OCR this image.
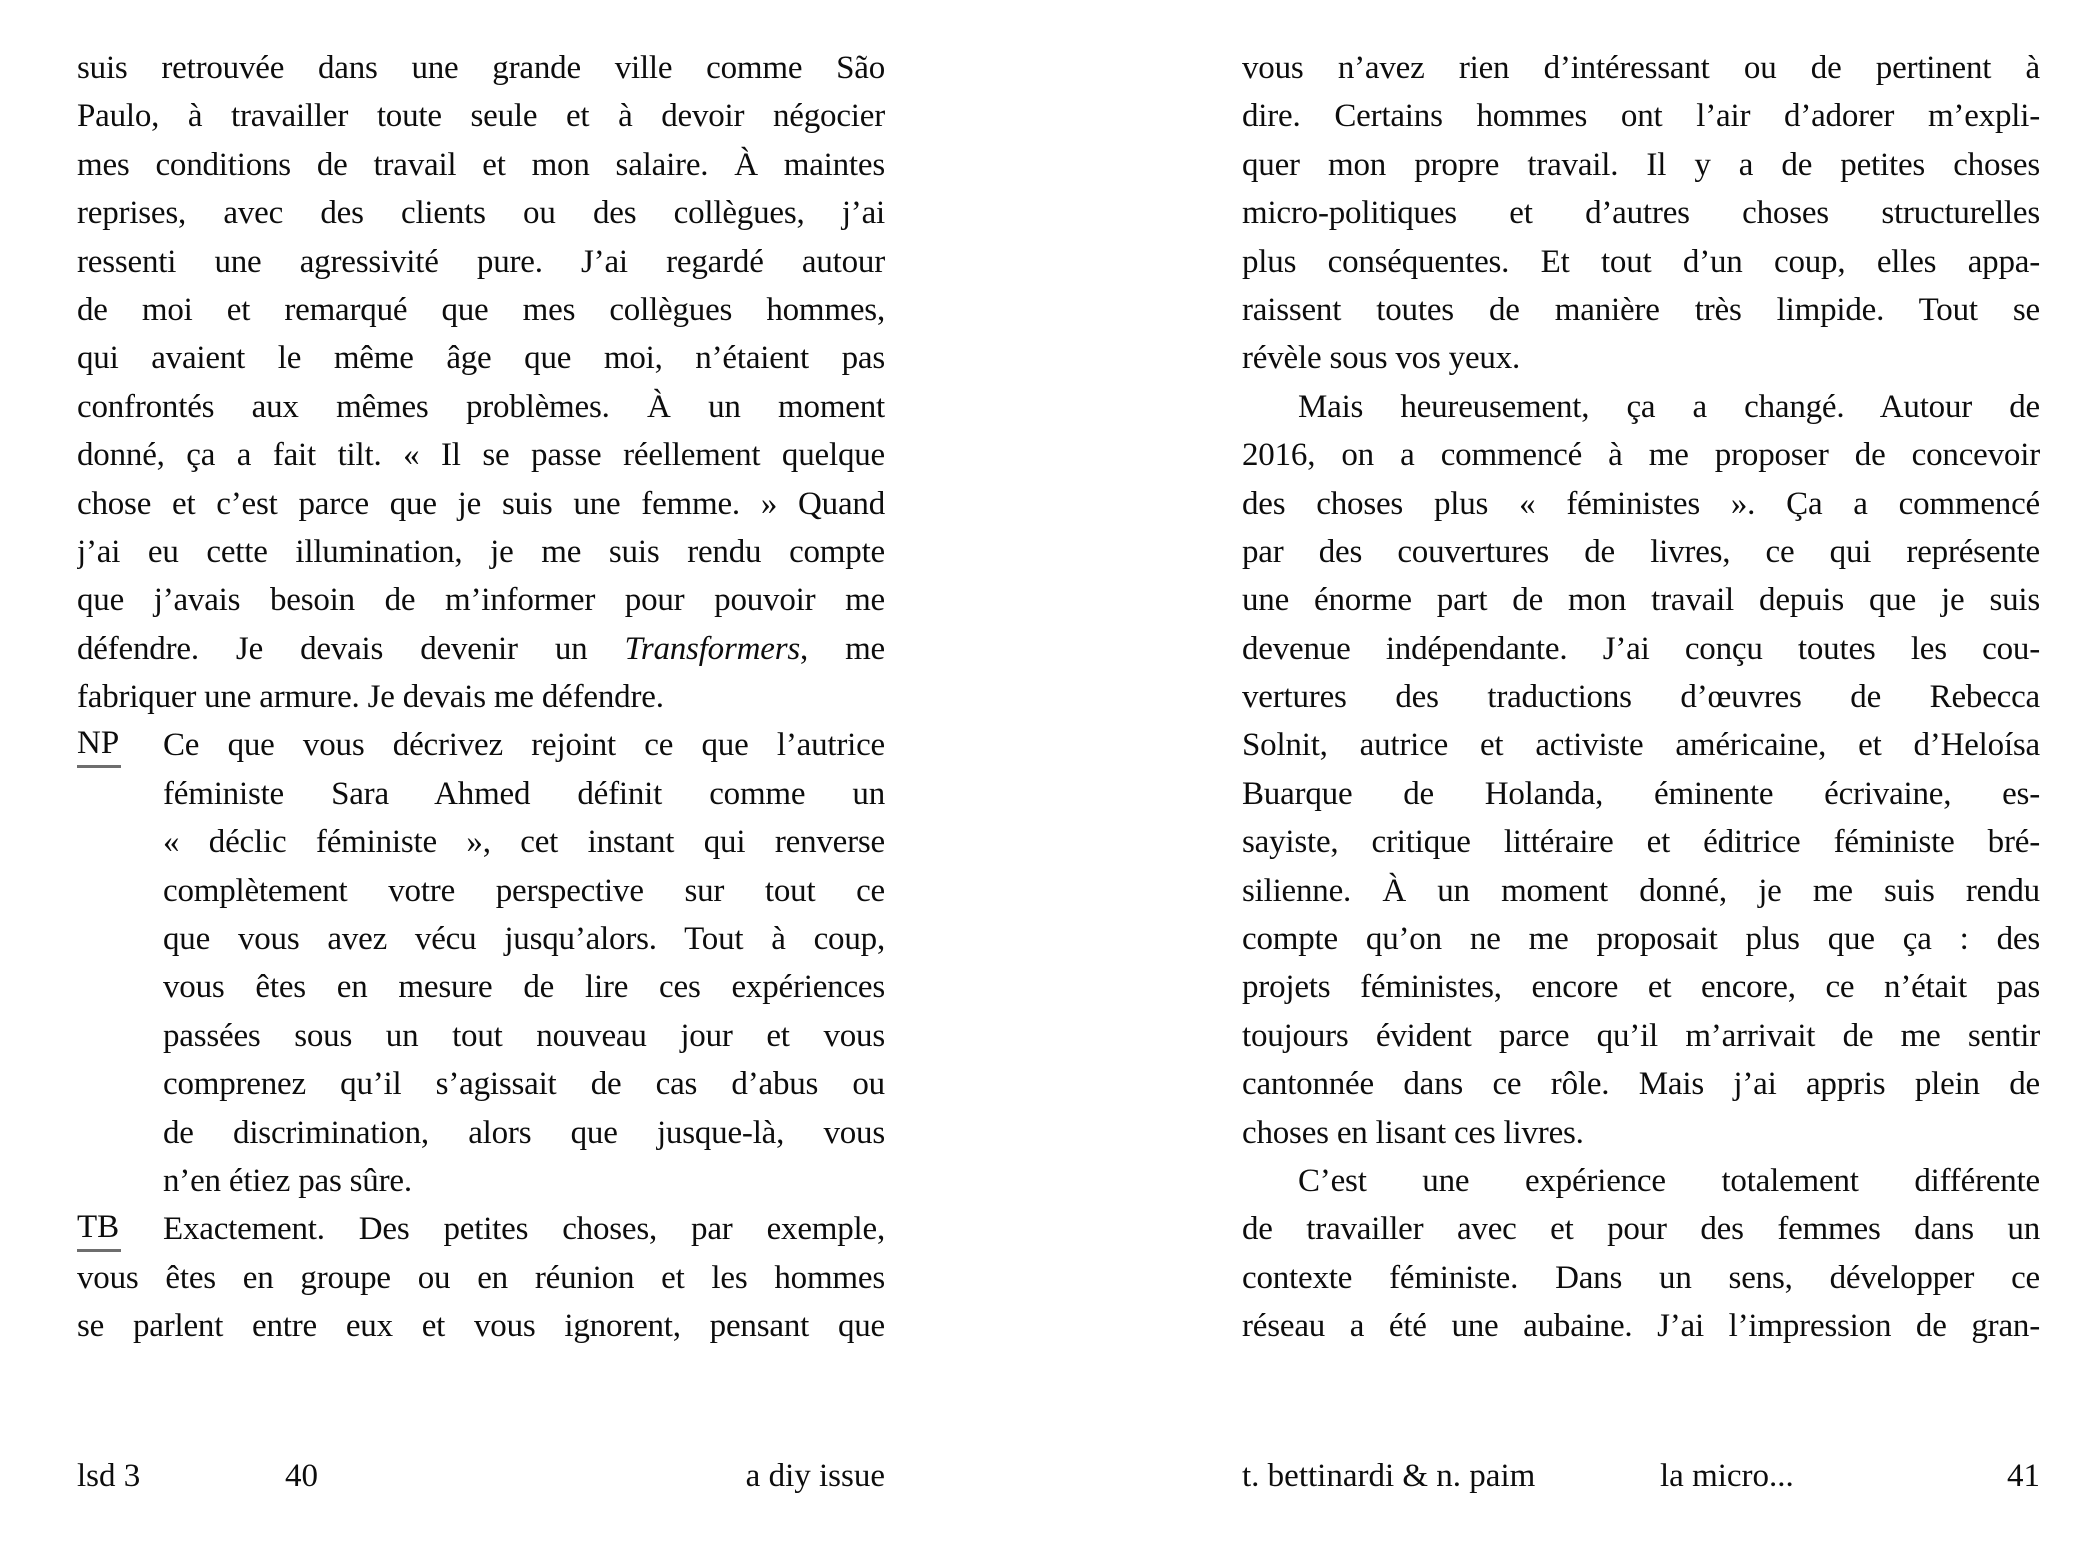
suis retrouvée dans une grande ville comme São
Paulo, à travailler toute seule et à devoir négocier
mes conditions de travail et mon salaire. À maintes
reprises, avec des clients ou des collègues, j’ai
ressenti une agressivité pure. J’ai regardé autour
de moi et remarqué que mes collègues hommes,
qui avaient le même âge que moi, n’étaient pas
confrontés aux mêmes problèmes. À un moment
donné, ça a fait tilt. « Il se passe réellement quelque
chose et c’est parce que je suis une femme. » Quand
j’ai eu cette illumination, je me suis rendu compte
que j’avais besoin de m’informer pour pouvoir me
défendre. Je devais devenir un Transformers, me
fabriquer une armure. Je devais me défendre.
NP Ce que vous décrivez rejoint ce que l’autrice
féministe Sara Ahmed définit comme un
« déclic féministe », cet instant qui renverse
complètement votre perspective sur tout ce
que vous avez vécu jusqu’alors. Tout à coup,
vous êtes en mesure de lire ces expériences
passées sous un tout nouveau jour et vous
comprenez qu’il s’agissait de cas d’abus ou
de discrimination, alors que jusque-là, vous
n’en étiez pas sûre.
TB Exactement. Des petites choses, par exemple,
vous êtes en groupe ou en réunion et les hommes
se parlent entre eux et vous ignorent, pensant que
vous n’avez rien d’intéressant ou de pertinent à
dire. Certains hommes ont l’air d’adorer m’expli-
quer mon propre travail. Il y a de petites choses
micro-politiques et d’autres choses structurelles
plus conséquentes. Et tout d’un coup, elles appa-
raissent toutes de manière très limpide. Tout se
révèle sous vos yeux.
Mais heureusement, ça a changé. Autour de
2016, on a commencé à me proposer de concevoir
des choses plus « féministes ». Ça a commencé
par des couvertures de livres, ce qui représente
une énorme part de mon travail depuis que je suis
devenue indépendante. J’ai conçu toutes les cou-
vertures des traductions d’œuvres de Rebecca
Solnit, autrice et activiste américaine, et d’Heloísa
Buarque de Holanda, éminente écrivaine, es-
sayiste, critique littéraire et éditrice féministe bré-
silienne. À un moment donné, je me suis rendu
compte qu’on ne me proposait plus que ça : des
projets féministes, encore et encore, ce n’était pas
toujours évident parce qu’il m’arrivait de me sentir
cantonnée dans ce rôle. Mais j’ai appris plein de
choses en lisant ces livres.
C’est une expérience totalement différente
de travailler avec et pour des femmes dans un
contexte féministe. Dans un sens, développer ce
réseau a été une aubaine. J’ai l’impression de gran-
lsd 3	40	a diy issue	t. bettinardi & n. paim	la micro...	41
